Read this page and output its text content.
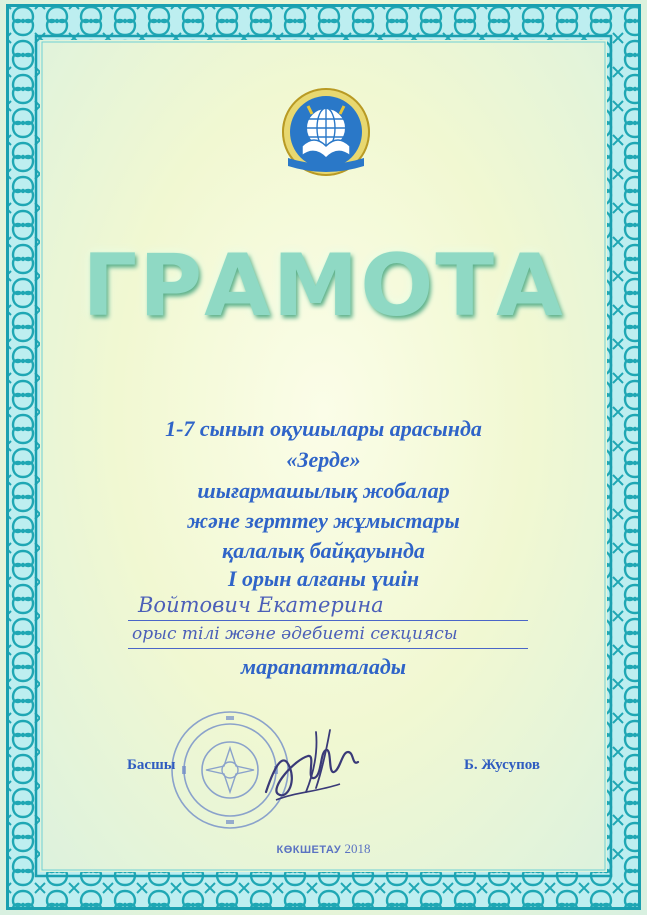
ГРАМОТА
1-7 сынып оқушылары арасында
«Зерде»
шығармашылық жобалар
және зерттеу жұмыстары
қалалық байқауында
І орын алғаны үшін
Войтович Екатерина
орыс тілі және әдебиеті секциясы
марапатталады
Басшы	Б. Жусупов
КӨКШЕТАУ 2018
